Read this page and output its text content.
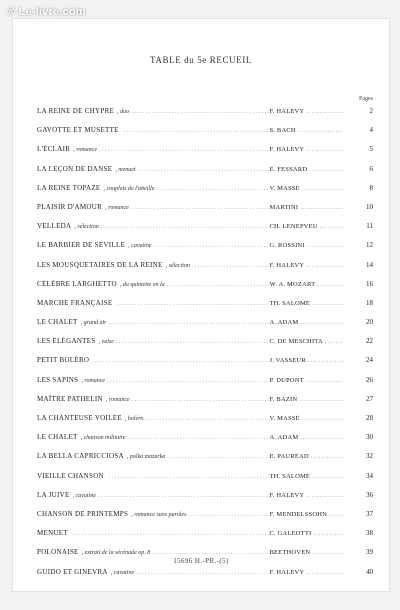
© Le-livre.com
TABLE du 5e RECUEIL
Pages
LA REINE DE CHYPRE , duo .....	F. HALÉVY .....	2
GAVOTTE ET MUSETTE .....	S. BACH .....	4
L'ÉCLAIR , romance .....	F. HALÉVY .....	5
LA LEÇON DE DANSE , menuet .....	É. FESSARD .....	6
LA REINE TOPAZE , couplets de l'abeille .....	V. MASSÉ .....	8
PLAISIR D'AMOUR , romance .....	MARTINI .....	10
VELLÉDA , sélection .....	CH. LENEPVEU .....	11
LE BARBIER DE SÉVILLE , cavatine .....	G. ROSSINI .....	12
LES MOUSQUETAIRES DE LA REINE , sélection .....	F. HALÉVY .....	14
CÉLÈBRE LARGHETTO , du quintette en la .....	W. A. MOZART .....	16
MARCHE FRANÇAISE .....	TH. SALOMÉ .....	18
LE CHALET , grand air .....	A. ADAM .....	20
LES ÉLÉGANTES , valse .....	C. DE MESCHITA .....	22
PETIT BOLÉRO .....	J. VASSEUR .....	24
LES SAPINS , romance .....	P. DUPONT .....	26
MAÎTRE PATHELIN , romance .....	F. BAZIN .....	27
LA CHANTEUSE VOILÉE , boléro .....	V. MASSÉ .....	28
LE CHALET , chanson militaire .....	A. ADAM .....	30
LA BELLA CAPRICCIOSA , polka mazurka .....	E. PAURÉAD .....	32
VIEILLE CHANSON .....	TH. SALOMÉ .....	34
LA JUIVE , cavatine .....	F. HALÉVY .....	36
CHANSON DE PRINTEMPS , romance sans paroles .....	F. MENDELSSOHN .....	37
MENUET .....	C. GALEOTTI .....	38
POLONAISE , extrait de la sérénade op. 8 .....	BEETHOVEN .....	39
GUIDO ET GINEVRA , cavatine .....	F. HALÉVY .....	40
15696 H.-PR.-(5)
